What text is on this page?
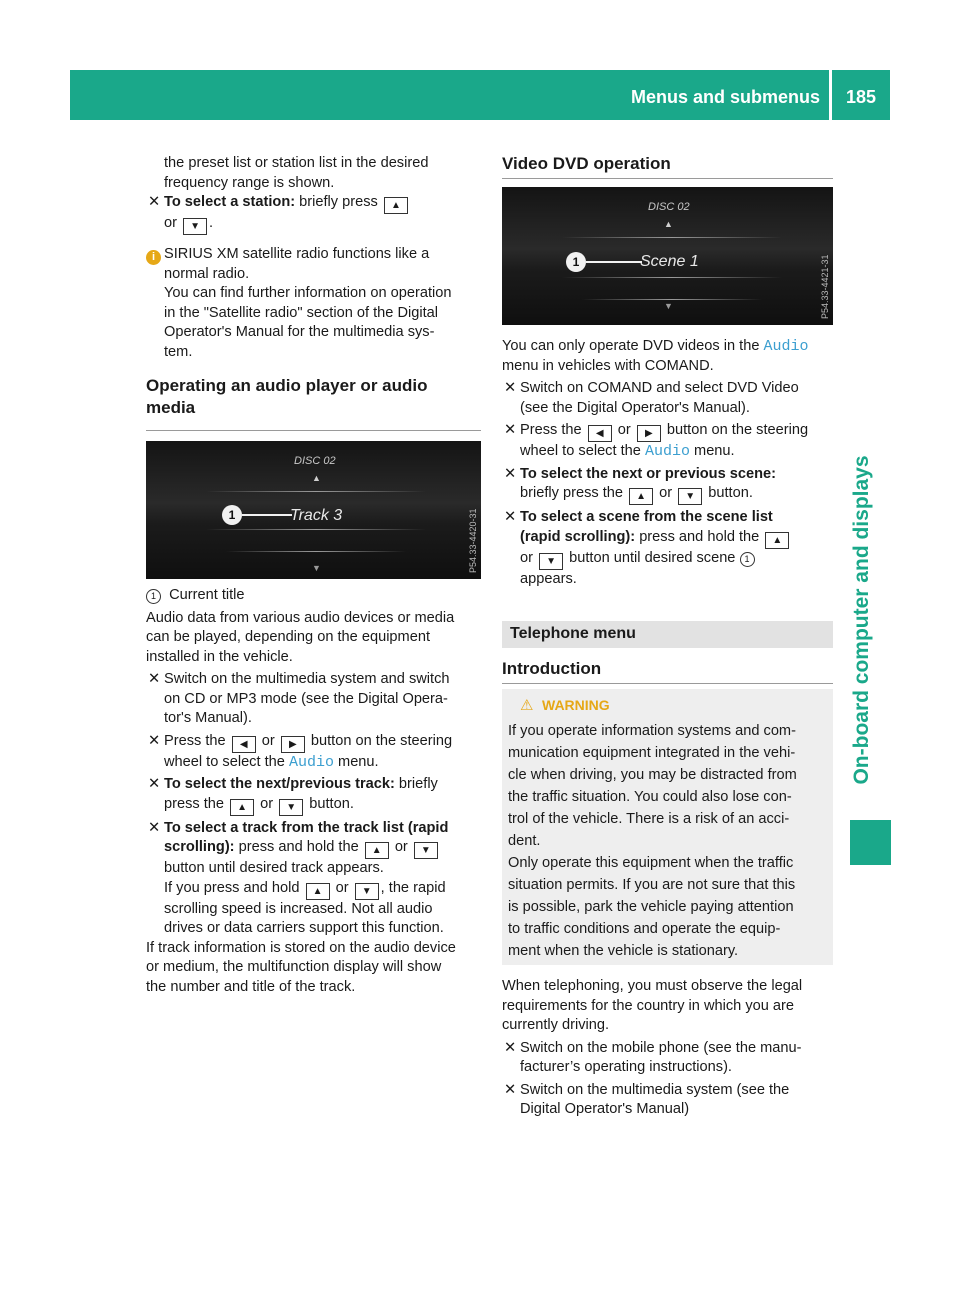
Menus and submenus 185
On-board computer and displays

the preset list or station list in the desired

frequency range is shown.

✕ To select a station: briefly press ▲
or ▼ .

i SIRIUS XM satellite radio functions like a
normal radio.

You can find further information on operation

in the "Satellite radio" section of the Digital

Operator's Manual for the multimedia sys-

tem.

Operating an audio player or audio
media
DISC 02
▲
1	Track 3
▼	P54.33-4420-31

1 Current title

Audio data from various audio devices or media

can be played, depending on the equipment

installed in the vehicle.

✕ Switch on the multimedia system and switch
on CD or MP3 mode (see the Digital Opera-
tor's Manual).

✕ Press the ◀ or ▶ button on the steering
wheel to select the Audio menu.

✕ To select the next/previous track: briefly
press the ▲ or ▼ button.

✕ To select a track from the track list (rapid
scrolling): press and hold the ▲ or ▼
button until desired track appears.

If you press and hold ▲ or ▼ , the rapid

scrolling speed is increased. Not all audio

drives or data carriers support this function.

If track information is stored on the audio device

or medium, the multifunction display will show

the number and title of the track.

Video DVD operation
DISC 02
▲
1	Scene 1
▼	P54.33-4421-31

You can only operate DVD videos in the Audio

menu in vehicles with COMAND.

✕ Switch on COMAND and select DVD Video
(see the Digital Operator's Manual).

✕ Press the ◀ or ▶ button on the steering
wheel to select the Audio menu.

✕ To select the next or previous scene:
briefly press the ▲ or ▼ button.

✕ To select a scene from the scene list
(rapid scrolling): press and hold the ▲
or ▼ button until desired scene 1
appears.

Telephone menu
Introduction
⚠ WARNING

If you operate information systems and com-

munication equipment integrated in the vehi-

cle when driving, you may be distracted from

the traffic situation. You could also lose con-

trol of the vehicle. There is a risk of an acci-

dent.

Only operate this equipment when the traffic

situation permits. If you are not sure that this

is possible, park the vehicle paying attention

to traffic conditions and operate the equip-

ment when the vehicle is stationary.

When telephoning, you must observe the legal

requirements for the country in which you are

currently driving.

✕ Switch on the mobile phone (see the manu-
facturer’s operating instructions).

✕ Switch on the multimedia system (see the
Digital Operator's Manual)
